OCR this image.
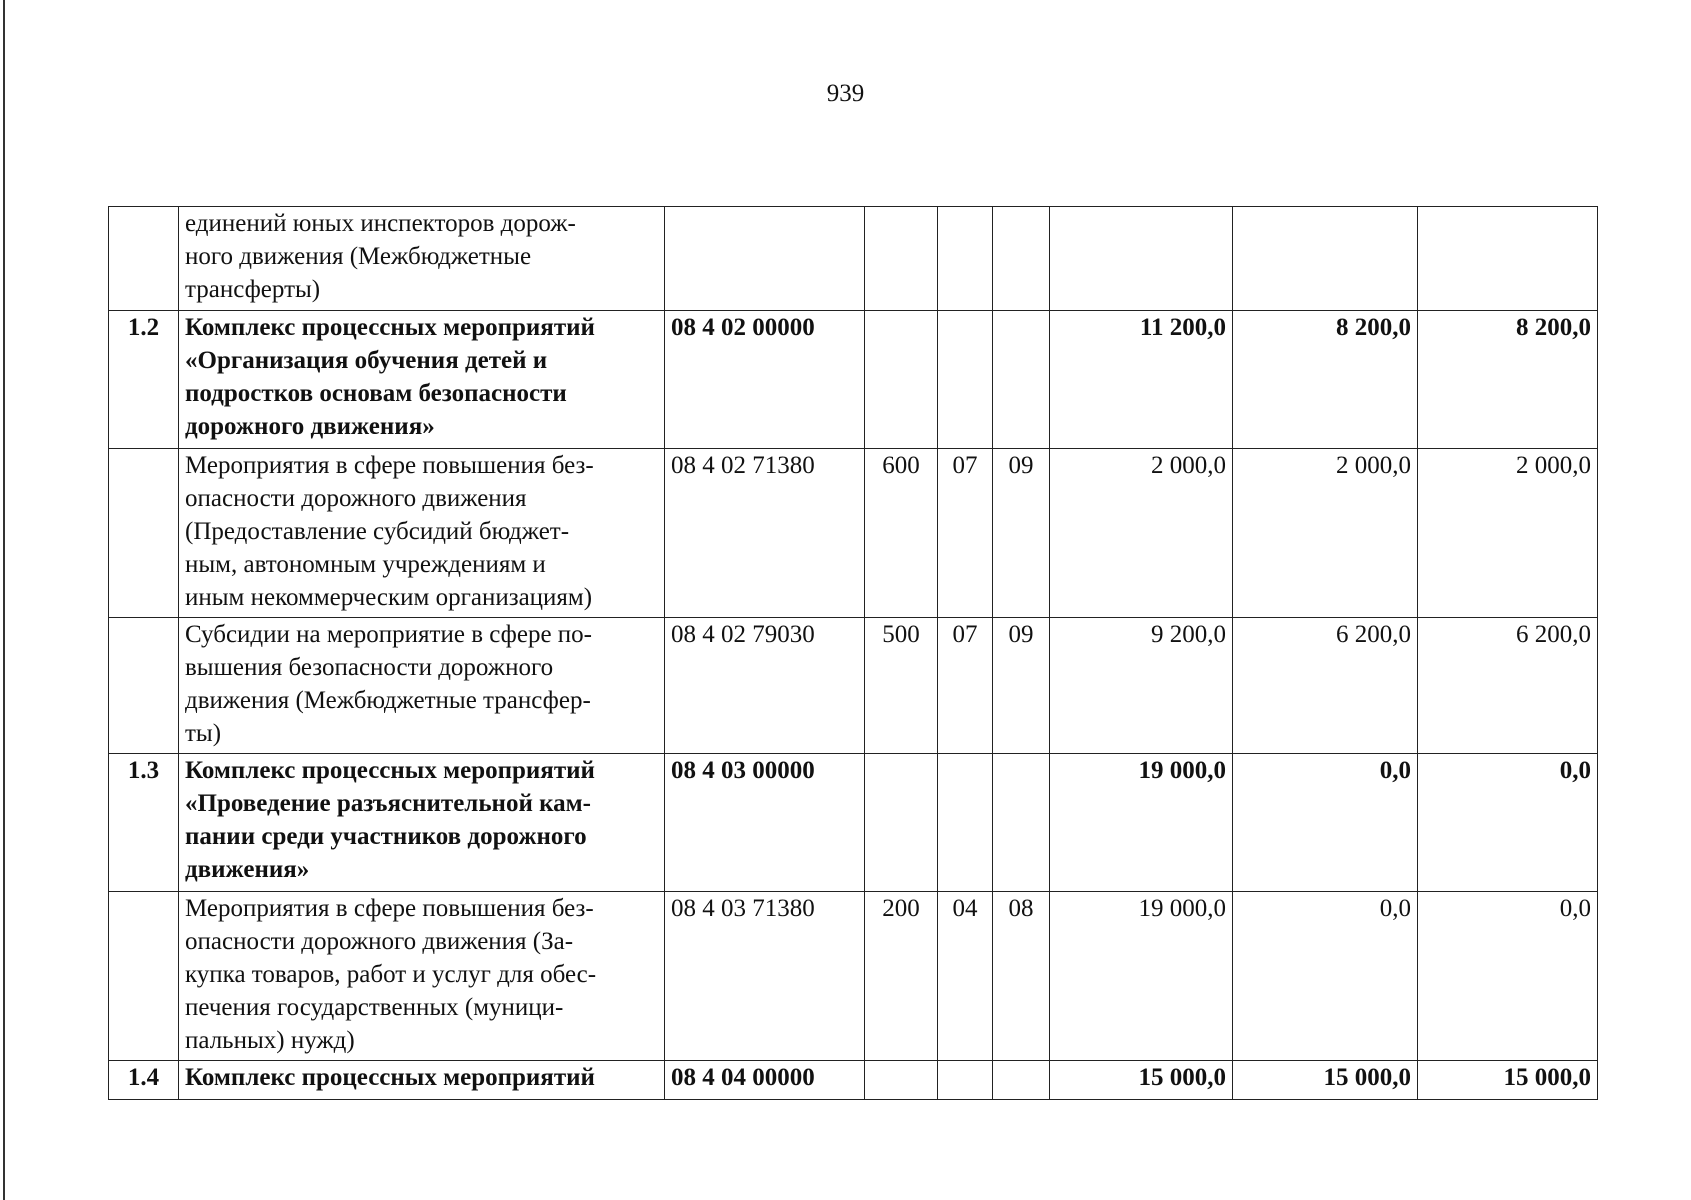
939

	единений юных инспекторов дорож-
ного движения (Межбюджетные
трансферты)							

1.2	Комплекс процессных мероприятий
«Организация обучения детей и
подростков основам безопасности
дорожного движения»	08 4 02 00000				11 200,0	8 200,0	8 200,0

	Мероприятия в сфере повышения без-
опасности дорожного движения
(Предоставление субсидий бюджет-
ным, автономным учреждениям и
иным некоммерческим организациям)	08 4 02 71380	600	07	09	2 000,0	2 000,0	2 000,0

	Субсидии на мероприятие в сфере по-
вышения безопасности дорожного
движения (Межбюджетные трансфер-
ты)	08 4 02 79030	500	07	09	9 200,0	6 200,0	6 200,0
1.3	Комплекс процессных мероприятий
«Проведение разъяснительной кам-
пании среди участников дорожного
движения»	08 4 03 00000				19 000,0	0,0	0,0

	Мероприятия в сфере повышения без-
опасности дорожного движения (За-
купка товаров, работ и услуг для обес-
печения государственных (муници-
пальных) нужд)	08 4 03 71380	200	04	08	19 000,0	0,0	0,0
1.4	Комплекс процессных мероприятий	08 4 04 00000				15 000,0	15 000,0	15 000,0
